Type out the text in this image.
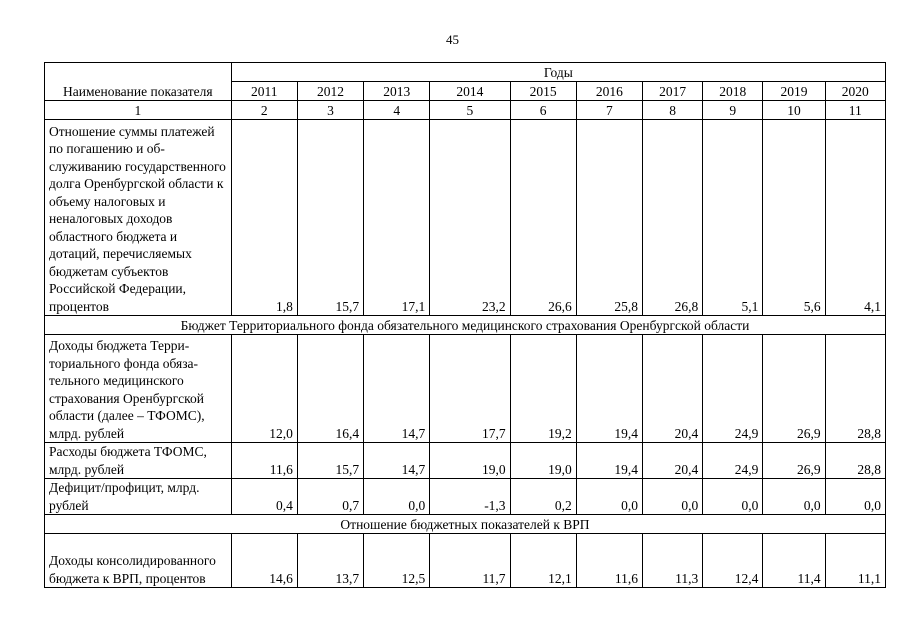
45
Наименование показателя	Годы									
	2011	2012	2013	2014	2015	2016	2017	2018	2019	2020
1	2	3	4	5	6	7	8	9	10	11
Отношение суммы платежей по погашению и обслуживанию государственного долга Оренбургской области к объему налоговых и неналоговых доходов областного бюджета и дотаций, перечисляемых бюджетам субъектов Российской Федерации, процентов	1,8	15,7	17,1	23,2	26,6	25,8	26,8	5,1	5,6	4,1
Бюджет Территориального фонда обязательного медицинского страхования Оренбургской области										
Доходы бюджета Территориального фонда обязательного медицинского страхования Оренбургской области (далее – ТФОМС), млрд. рублей	12,0	16,4	14,7	17,7	19,2	19,4	20,4	24,9	26,9	28,8
Расходы бюджета ТФОМС, млрд. рублей	11,6	15,7	14,7	19,0	19,0	19,4	20,4	24,9	26,9	28,8
Дефицит/профицит, млрд. рублей	0,4	0,7	0,0	-1,3	0,2	0,0	0,0	0,0	0,0	0,0
Отношение бюджетных показателей к ВРП										
Доходы консолидированного бюджета к ВРП, процентов	14,6	13,7	12,5	11,7	12,1	11,6	11,3	12,4	11,4	11,1
